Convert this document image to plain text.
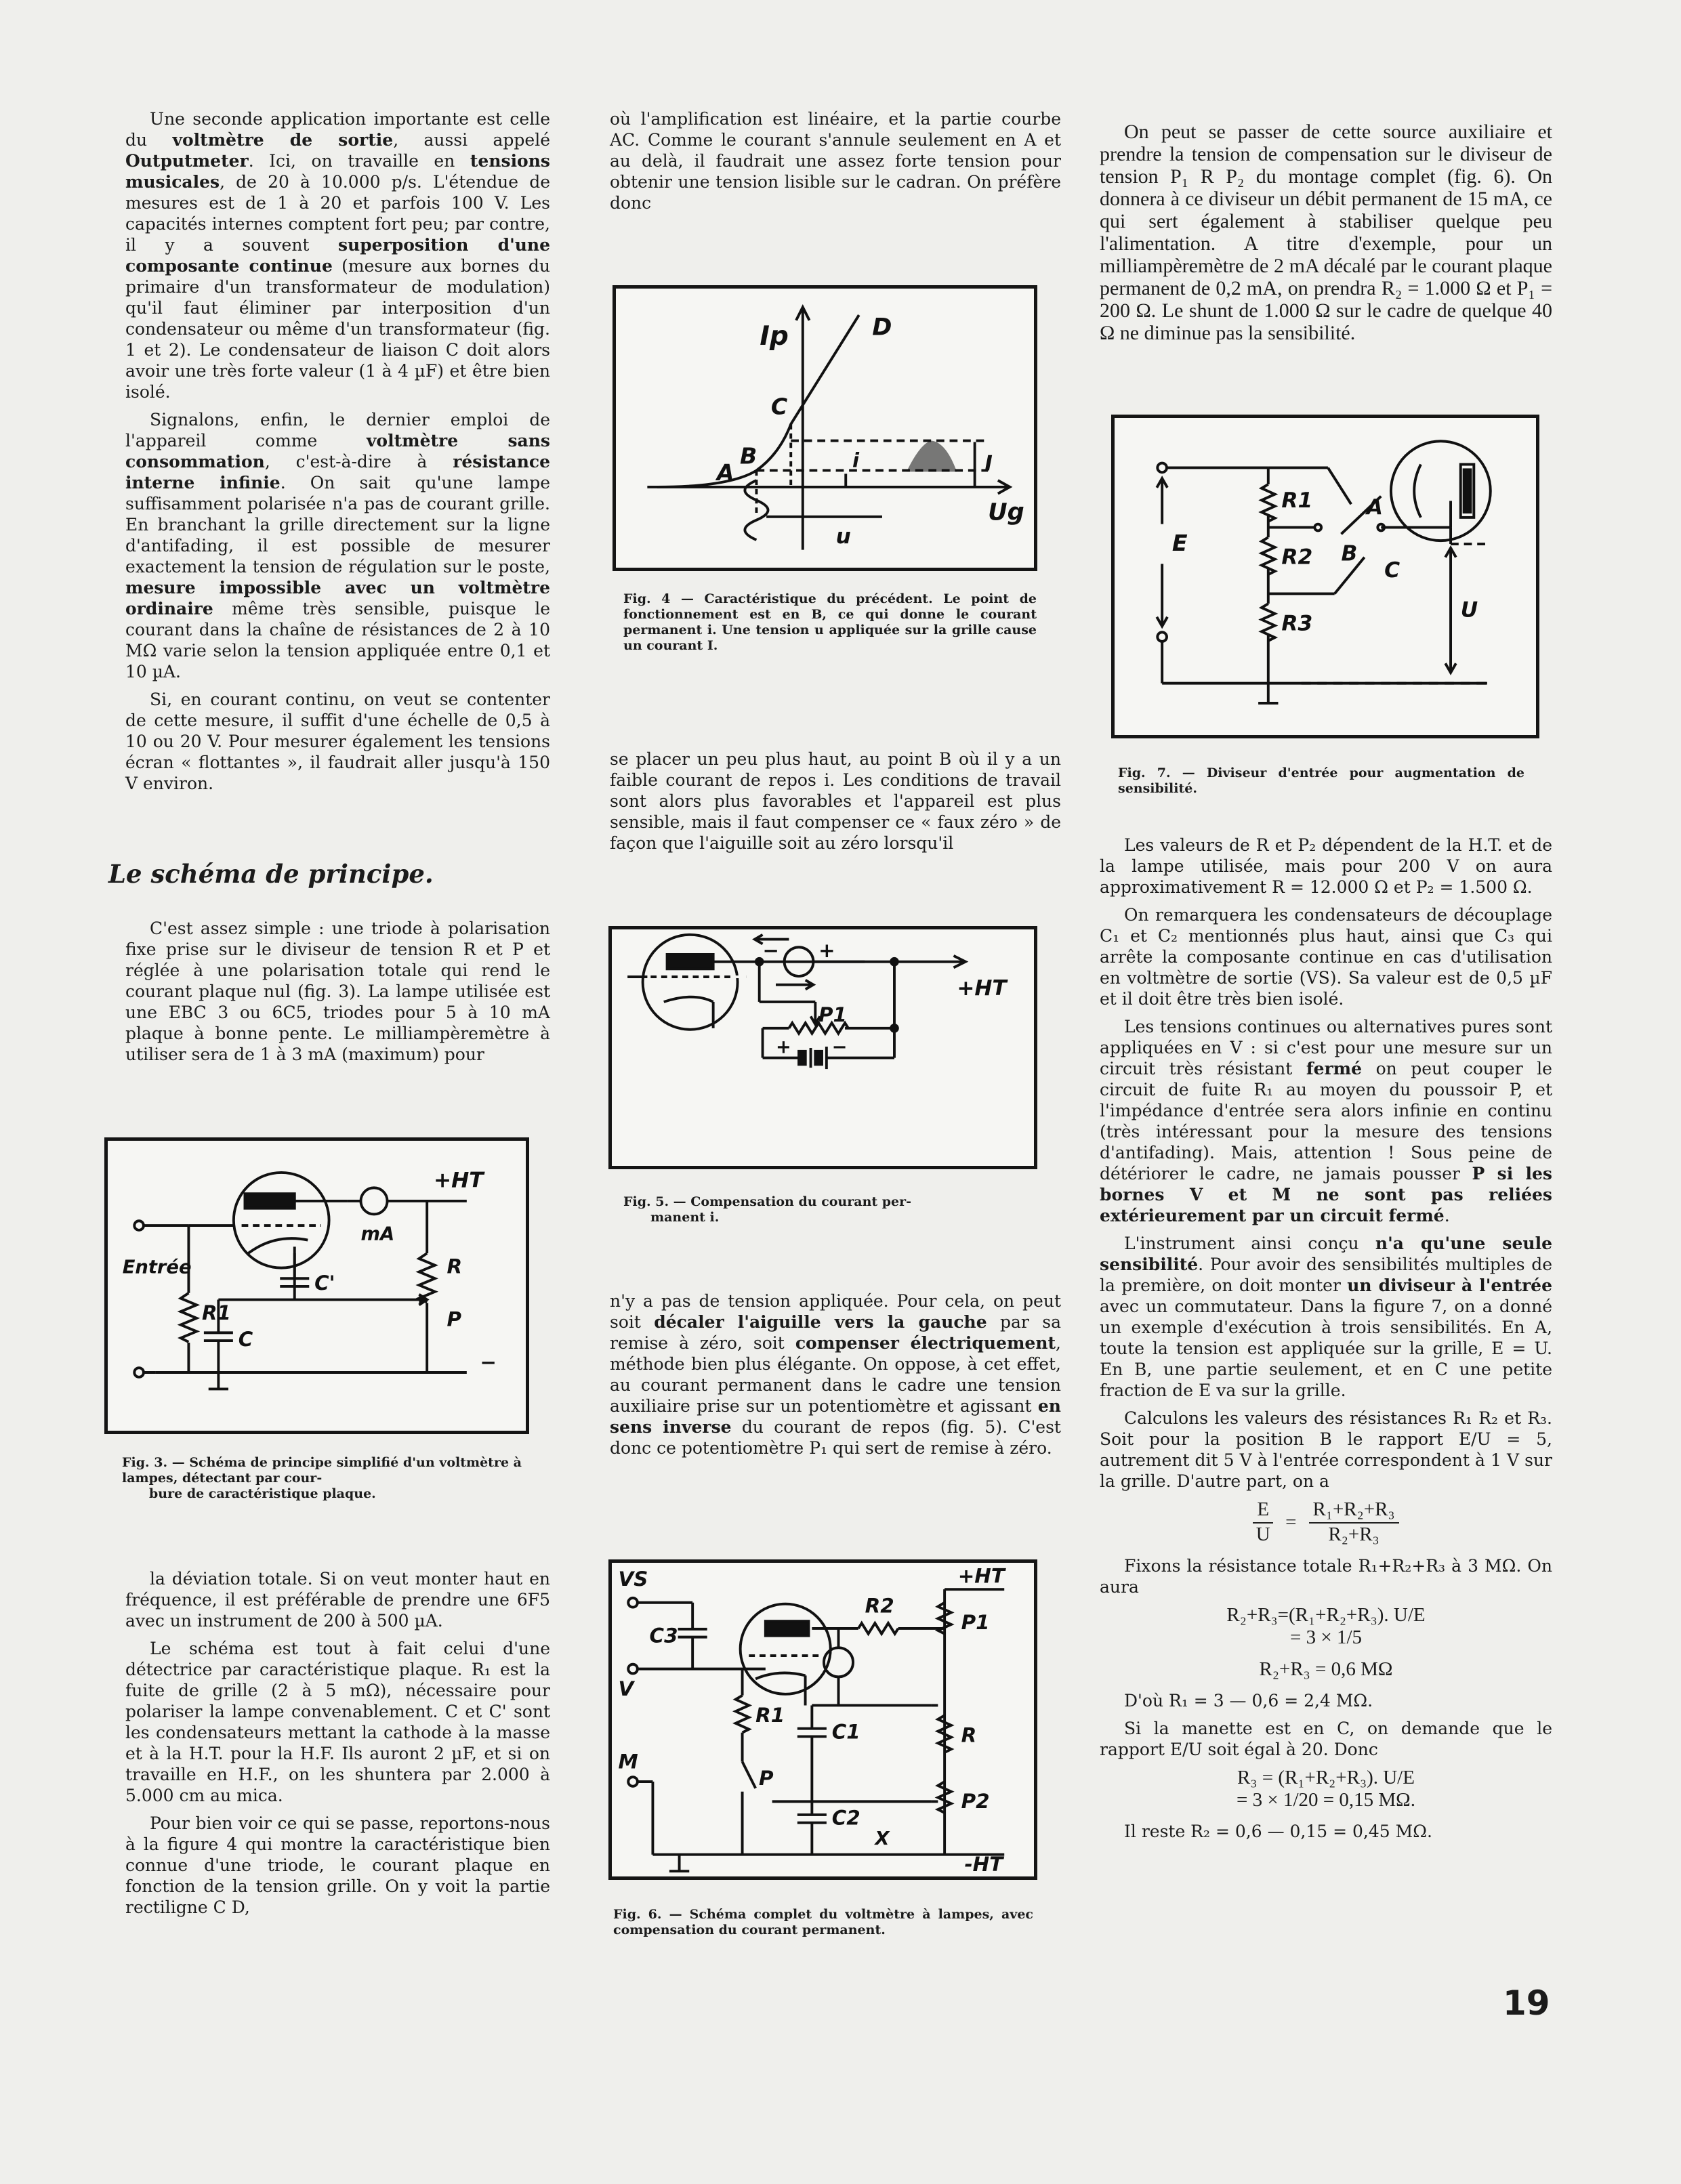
Une seconde application importante est celle du voltmètre de sortie, aussi appelé Outputmeter. Ici, on travaille en tensions musicales, de 20 à 10.000 p/s. L'étendue de mesures est de 1 à 20 et parfois 100 V. Les capacités internes comptent fort peu; par contre, il y a souvent superposition d'une composante continue (mesure aux bornes du primaire d'un transformateur de modulation) qu'il faut éliminer par interposition d'un condensateur ou même d'un transformateur (fig. 1 et 2). Le condensateur de liaison C doit alors avoir une très forte valeur (1 à 4 µF) et être bien isolé.

Signalons, enfin, le dernier emploi de l'appareil comme voltmètre sans consommation, c'est-à-dire à résistance interne infinie. On sait qu'une lampe suffisamment polarisée n'a pas de courant grille. En branchant la grille directement sur la ligne d'antifading, il est possible de mesurer exactement la tension de régulation sur le poste, mesure impossible avec un voltmètre ordinaire même très sensible, puisque le courant dans la chaîne de résistances de 2 à 10 MΩ varie selon la tension appliquée entre 0,1 et 10 µA.

Si, en courant continu, on veut se contenter de cette mesure, il suffit d'une échelle de 0,5 à 10 ou 20 V. Pour mesurer également les tensions écran « flottantes », il faudrait aller jusqu'à 150 V environ.

Le schéma de principe.

C'est assez simple : une triode à polarisation fixe prise sur le diviseur de tension R et P et réglée à une polarisation totale qui rend le courant plaque nul (fig. 3). La lampe utilisée est une EBC 3 ou 6C5, triodes pour 5 à 10 mA plaque à bonne pente. Le milliampèremètre à utiliser sera de 1 à 3 mA (maximum) pour

+HT
mA
Entrée	R
R1
C'
C
P
−
Fig. 3. — Schéma de principe simplifié d'un voltmètre à lampes, détectant par cour-
bure de caractéristique plaque.

la déviation totale. Si on veut monter haut en fréquence, il est préférable de prendre une 6F5 avec un instrument de 200 à 500 µA.

Le schéma est tout à fait celui d'une détectrice par caractéristique plaque. R₁ est la fuite de grille (2 à 5 mΩ), nécessaire pour polariser la lampe convenablement. C et C' sont les condensateurs mettant la cathode à la masse et à la H.T. pour la H.F. Ils auront 2 µF, et si on travaille en H.F., on les shuntera par 2.000 à 5.000 cm au mica.

Pour bien voir ce qui se passe, reportons-nous à la figure 4 qui montre la caractéristique bien connue d'une triode, le courant plaque en fonction de la tension grille. On y voit la partie rectiligne C D,

où l'amplification est linéaire, et la partie courbe AC. Comme le courant s'annule seulement en A et au delà, il faudrait une assez forte tension pour obtenir une tension lisible sur le cadran. On préfère donc

Ip	D
C
A
B	i	I
Ug
u
Fig. 4 — Caractéristique du précédent. Le point de fonctionnement est en B, ce qui donne le courant permanent i. Une tension u appliquée sur la grille cause un courant I.

se placer un peu plus haut, au point B où il y a un faible courant de repos i. Les conditions de travail sont alors plus favorables et l'appareil est plus sensible, mais il faut compenser ce « faux zéro » de façon que l'aiguille soit au zéro lorsqu'il

− +
+HT
P1
+ −
Fig. 5. — Compensation du courant per-
manent i.

n'y a pas de tension appliquée. Pour cela, on peut soit décaler l'aiguille vers la gauche par sa remise à zéro, soit compenser électriquement, méthode bien plus élégante. On oppose, à cet effet, au courant permanent dans le cadre une tension auxiliaire prise sur un potentiomètre et agissant en sens inverse du courant de repos (fig. 5). C'est donc ce potentiomètre P₁ qui sert de remise à zéro.

VS
V
M
C3
R2
+HT
P1
R1
C1	R
P
P2
C2
X
-HT
Fig. 6. — Schéma complet du voltmètre à lampes, avec compensation du courant permanent.

On peut se passer de cette source auxiliaire et prendre la tension de compensation sur le diviseur de tension P₁ R P₂ du montage complet (fig. 6). On donnera à ce diviseur un débit permanent de 15 mA, ce qui sert également à stabiliser quelque peu l'alimentation. A titre d'exemple, pour un milliampèremètre de 2 mA décalé par le courant plaque permanent de 0,2 mA, on prendra R₂ = 1.000 Ω et P₁ = 200 Ω. Le shunt de 1.000 Ω sur le cadre de quelque 40 Ω ne diminue pas la sensibilité.

E
R1
R2
R3
A
B
C
U
Fig. 7. — Diviseur d'entrée pour augmentation de sensibilité.

Les valeurs de R et P₂ dépendent de la H.T. et de la lampe utilisée, mais pour 200 V on aura approximativement R = 12.000 Ω et P₂ = 1.500 Ω.

On remarquera les condensateurs de découplage C₁ et C₂ mentionnés plus haut, ainsi que C₃ qui arrête la composante continue en cas d'utilisation en voltmètre de sortie (VS). Sa valeur est de 0,5 µF et il doit être très bien isolé.

Les tensions continues ou alternatives pures sont appliquées en V : si c'est pour une mesure sur un circuit très résistant fermé on peut couper le circuit de fuite R₁ au moyen du poussoir P, et l'impédance d'entrée sera alors infinie en continu (très intéressant pour la mesure des tensions d'antifading). Mais, attention ! Sous peine de détériorer le cadre, ne jamais pousser P si les bornes V et M ne sont pas reliées extérieurement par un circuit fermé.

L'instrument ainsi conçu n'a qu'une seule sensibilité. Pour avoir des sensibilités multiples de la première, on doit monter un diviseur à l'entrée avec un commutateur. Dans la figure 7, on a donné un exemple d'exécution à trois sensibilités. En A, toute la tension est appliquée sur la grille, E = U. En B, une partie seulement, et en C une petite fraction de E va sur la grille.

Calculons les valeurs des résistances R₁ R₂ et R₃. Soit pour la position B le rapport E/U = 5, autrement dit 5 V à l'entrée correspondent à 1 V sur la grille. D'autre part, on a

$\frac{E}{U} = \frac{\text{R₁+R₂+R₃}}{\text{R₂+R₃}}$

Fixons la résistance totale R₁+R₂+R₃ à 3 MΩ. On aura

R₂+R₃=(R₁+R₂+R₃). U/E
= 3 × 1/5
R₂+R₃ = 0,6 MΩ

D'où R₁ = 3 — 0,6 = 2,4 MΩ.

Si la manette est en C, on demande que le rapport E/U soit égal à 20. Donc

R₃ = (R₁+R₂+R₃). U/E
= 3 × 1/20 = 0,15 MΩ.

Il reste R₂ = 0,6 — 0,15 = 0,45 MΩ.

19
